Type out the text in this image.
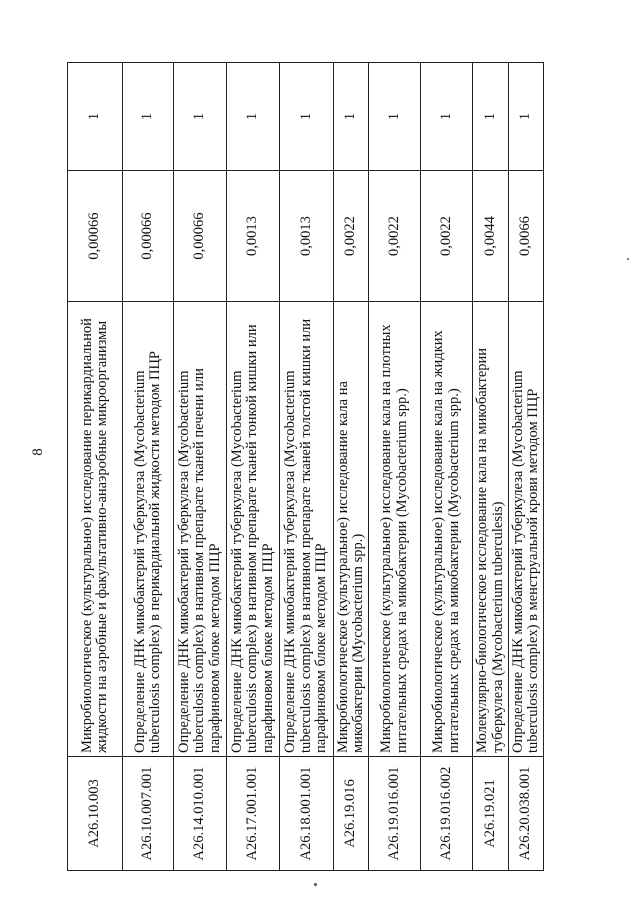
8
A26.10.003	Микробиологическое (культуральное) исследование перикардиальной жидкости на аэробные и факультативно-анаэробные микроорганизмы	0,00066	1
A26.10.007.001	Определение ДНК микобактерий туберкулеза (Mycobacterium tuberculosis complex) в перикардиальной жидкости методом ПЦР	0,00066	1
A26.14.010.001	Определение ДНК микобактерий туберкулеза (Mycobacterium tuberculosis complex) в нативном препарате тканей печени или парафиновом блоке методом ПЦР	0,00066	1
A26.17.001.001	Определение ДНК микобактерий туберкулеза (Mycobacterium tuberculosis complex) в нативном препарате тканей тонкой кишки или парафиновом блоке методом ПЦР	0,0013	1
A26.18.001.001	Определение ДНК микобактерий туберкулеза (Mycobacterium tuberculosis complex) в нативном препарате тканей толстой кишки или парафиновом блоке методом ПЦР	0,0013	1
A26.19.016	Микробиологическое (культуральное) исследование кала на микобактерии (Mycobacterium spp.)	0,0022	1
A26.19.016.001	Микробиологическое (культуральное) исследование кала на плотных питательных средах на микобактерии (Mycobacterium spp.)	0,0022	1
A26.19.016.002	Микробиологическое (культуральное) исследование кала на жидких питательных средах на микобактерии (Mycobacterium spp.)	0,0022	1
A26.19.021	Молекулярно-биологическое исследование кала на микобактерии туберкулеза (Mycobacterium tuberculesis)	0,0044	1
A26.20.038.001	Определение ДНК микобактерий туберкулеза (Mycobacterium tuberculosis complex) в менструальной крови методом ПЦР	0,0066	1
